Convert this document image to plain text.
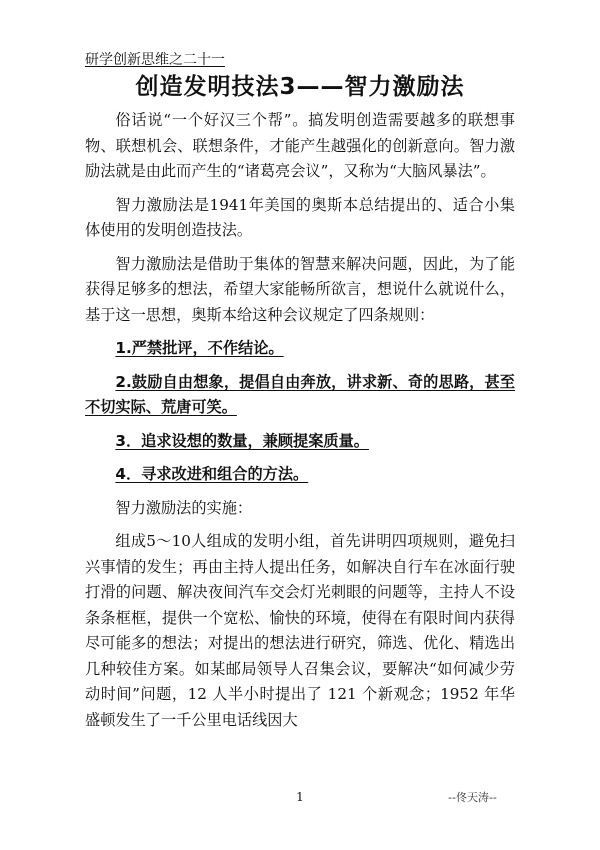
研学创新思维之二十一
创造发明技法3——智力激励法

俗话说“一个好汉三个帮”。搞发明创造需要越多的联想事物、联想机会、联想条件，才能产生越强化的创新意向。智力激励法就是由此而产生的“诸葛亮会议”，又称为“大脑风暴法”。

智力激励法是1941年美国的奥斯本总结提出的、适合小集体使用的发明创造技法。

智力激励法是借助于集体的智慧来解决问题，因此，为了能获得足够多的想法，希望大家能畅所欲言，想说什么就说什么，基于这一思想，奥斯本给这种会议规定了四条规则：

1.严禁批评，不作结论。

2.鼓励自由想象，提倡自由奔放，讲求新、奇的思路，甚至不切实际、荒唐可笑。

3．追求设想的数量，兼顾提案质量。

4．寻求改进和组合的方法。

智力激励法的实施：

组成5～10人组成的发明小组，首先讲明四项规则，避免扫兴事情的发生；再由主持人提出任务，如解决自行车在冰面行驶打滑的问题、解决夜间汽车交会灯光刺眼的问题等，主持人不设条条框框，提供一个宽松、愉快的环境，使得在有限时间内获得尽可能多的想法；对提出的想法进行研究，筛选、优化、精选出几种较佳方案。如某邮局领导人召集会议，要解决“如何减少劳动时间”问题，12 人半小时提出了 121 个新观念；1952 年华盛顿发生了一千公里电话线因大

1	--佟天涛--
